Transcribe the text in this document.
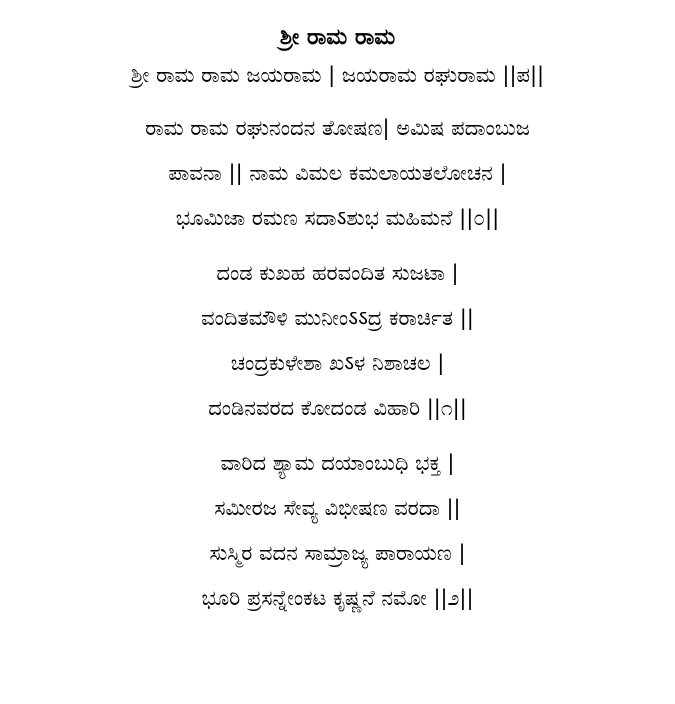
ಶ್ರೀ ರಾಮ ರಾಮ
ಶ್ರೀ ರಾಮ ರಾಮ ಜಯರಾಮ | ಜಯರಾಮ ರಘುರಾಮ ||ಪ||
ರಾಮ ರಾಮ ರಘುನಂದನ ತೋಷಣ| ಅಮಿಷ ಪದಾಂಬುಜ
ಪಾವನಾ || ನಾಮ ವಿಮಲ ಕಮಲಾಯತಲೋಚನ |
ಭೂಮಿಜಾ ರಮಣ ಸದಾऽಶುಭ ಮಹಿಮನೆ ||೦||
ದಂಡ ಕುಖಹ ಹರವಂದಿತ ಸುಜಟಾ |
ವಂದಿತಮೌಳಿ ಮುನೀಂऽऽದ್ರ ಕರಾರ್ಚಿತ ||
ಚಂದ್ರಕುಳೇಶಾ ಖऽಳ ನಿಶಾಚಲ |
ದಂಡಿನವರದ ಕೋದಂಡ ವಿಹಾರಿ ||೧||
ವಾರಿದ ಶ್ಯಾಮ ದಯಾಂಬುಧಿ ಭಕ್ತ |
ಸಮೀರಜ ಸೇವ್ಯ ವಿಭೀಷಣ ವರದಾ ||
ಸುಸ್ಮಿರ ವದನ ಸಾಮ್ರಾಜ್ಯ ಪಾರಾಯಣ |
ಭೂರಿ ಪ್ರಸನ್ನೇಂಕಟ ಕೃಷ್ಣನೆ ನಮೋ ||೨||
